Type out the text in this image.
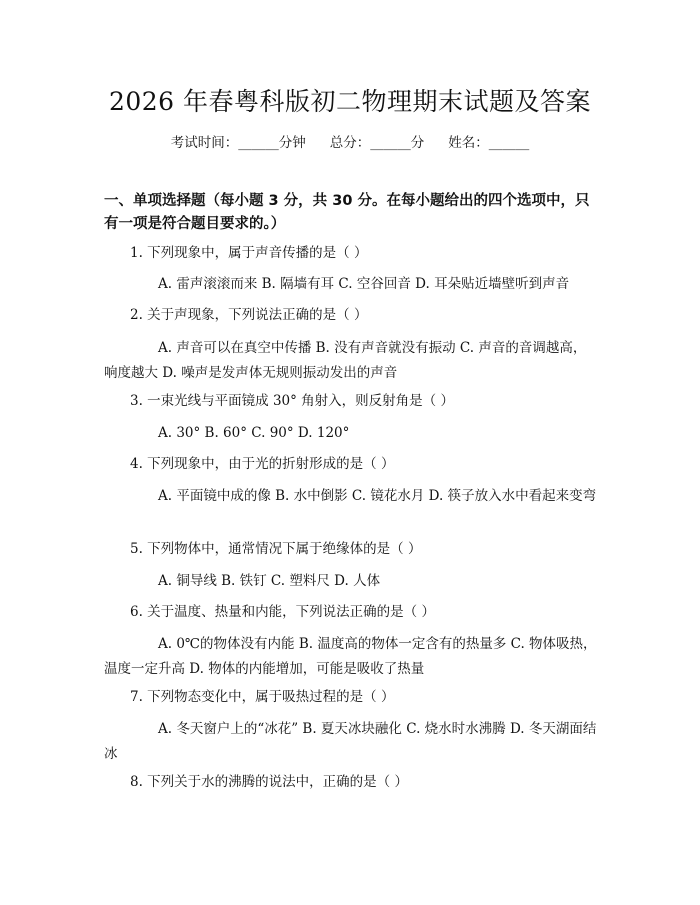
2026 年春粤科版初二物理期末试题及答案
考试时间：______分钟 总分：______分 姓名：______
一、单项选择题（每小题 3 分，共 30 分。在每小题给出的四个选项中，只有一项是符合题目要求的。）
1. 下列现象中，属于声音传播的是（ ）
A. 雷声滚滚而来 B. 隔墙有耳 C. 空谷回音 D. 耳朵贴近墙壁听到声音
2. 关于声现象，下列说法正确的是（ ）
A. 声音可以在真空中传播 B. 没有声音就没有振动 C. 声音的音调越高，响度越大 D. 噪声是发声体无规则振动发出的声音
3. 一束光线与平面镜成 30° 角射入，则反射角是（ ）
A. 30° B. 60° C. 90° D. 120°
4. 下列现象中，由于光的折射形成的是（ ）
A. 平面镜中成的像 B. 水中倒影 C. 镜花水月 D. 筷子放入水中看起来变弯
5. 下列物体中，通常情况下属于绝缘体的是（ ）
A. 铜导线 B. 铁钉 C. 塑料尺 D. 人体
6. 关于温度、热量和内能，下列说法正确的是（ ）
A. 0℃的物体没有内能 B. 温度高的物体一定含有的热量多 C. 物体吸热，温度一定升高 D. 物体的内能增加，可能是吸收了热量
7. 下列物态变化中，属于吸热过程的是（ ）
A. 冬天窗户上的“冰花” B. 夏天冰块融化 C. 烧水时水沸腾 D. 冬天湖面结冰
8. 下列关于水的沸腾的说法中，正确的是（ ）
